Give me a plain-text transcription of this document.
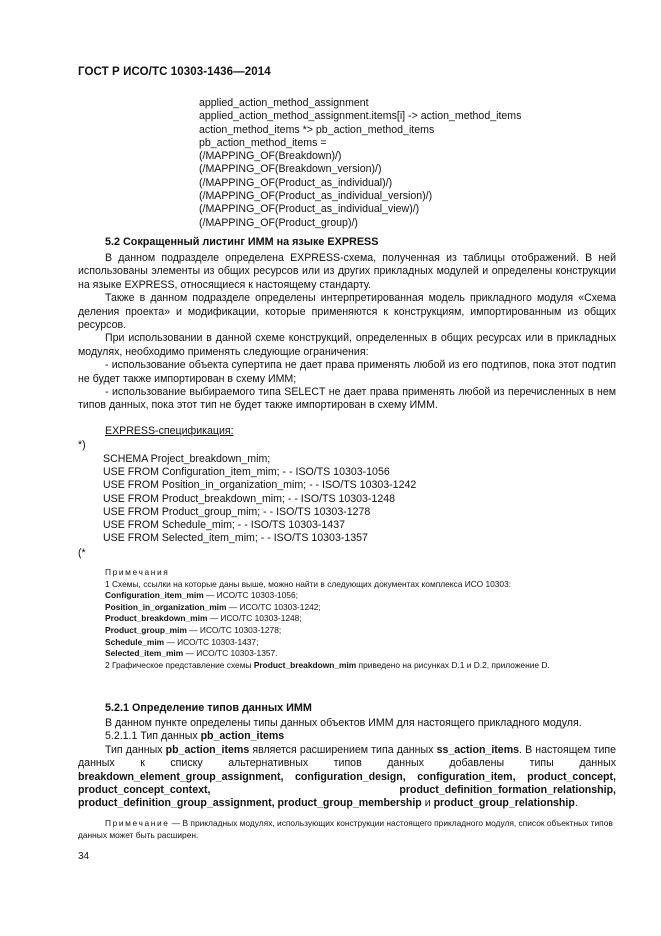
ГОСТ Р ИСО/ТС 10303-1436—2014
applied_action_method_assignment
applied_action_method_assignment.items[i] -> action_method_items
action_method_items *> pb_action_method_items
pb_action_method_items =
(/MAPPING_OF(Breakdown)/)
(/MAPPING_OF(Breakdown_version)/)
(/MAPPING_OF(Product_as_individual)/)
(/MAPPING_OF(Product_as_individual_version)/)
(/MAPPING_OF(Product_as_individual_view)/)
(/MAPPING_OF(Product_group)/)
5.2 Сокращенный листинг ИММ на языке EXPRESS

В данном подразделе определена EXPRESS-схема, полученная из таблицы отображений. В ней использованы элементы из общих ресурсов или из других прикладных модулей и определены конструкции на языке EXPRESS, относящиеся к настоящему стандарту.

Также в данном подразделе определены интерпретированная модель прикладного модуля «Схема деления проекта» и модификации, которые применяются к конструкциям, импортированным из общих ресурсов.

При использовании в данной схеме конструкций, определенных в общих ресурсах или в прикладных модулях, необходимо применять следующие ограничения:

- использование объекта супертипа не дает права применять любой из его подтипов, пока этот подтип не будет также импортирован в схему ИММ;

- использование выбираемого типа SELECT не дает права применять любой из перечисленных в нем типов данных, пока этот тип не будет также импортирован в схему ИММ.

EXPRESS-спецификация:
*)
SCHEMA Project_breakdown_mim;
USE FROM Configuration_item_mim; - - ISO/TS 10303-1056
USE FROM Position_in_organization_mim; - - ISO/TS 10303-1242
USE FROM Product_breakdown_mim; - - ISO/TS 10303-1248
USE FROM Product_group_mim; - - ISO/TS 10303-1278
USE FROM Schedule_mim; - - ISO/TS 10303-1437
USE FROM Selected_item_mim; - - ISO/TS 10303-1357
(*

Примечания

1 Схемы, ссылки на которые даны выше, можно найти в следующих документах комплекса ИСО 10303:

Configuration_item_mim — ИСО/ТС 10303-1056;

Position_in_organization_mim — ИСО/ТС 10303-1242;

Product_breakdown_mim — ИСО/ТС 10303-1248;

Product_group_mim — ИСО/ТС 10303-1278;

Schedule_mim — ИСО/ТС 10303-1437;

Selected_item_mim — ИСО/ТС 10303-1357.

2 Графическое представление схемы Product_breakdown_mim приведено на рисунках D.1 и D.2, приложение D.

5.2.1 Определение типов данных ИММ

В данном пункте определены типы данных объектов ИММ для настоящего прикладного модуля.

5.2.1.1 Тип данных pb_action_items

Тип данных pb_action_items является расширением типа данных ss_action_items. В настоящем типе данных к списку альтернативных типов данных добавлены типы данных breakdown_element_group_assignment, configuration_design, configuration_item, product_concept, product_concept_context, product_definition_formation_relationship, product_definition_group_assignment, product_group_membership и product_group_relationship.

Примечание — В прикладных модулях, использующих конструкции настоящего прикладного модуля, список объектных типов данных может быть расширен.

34
